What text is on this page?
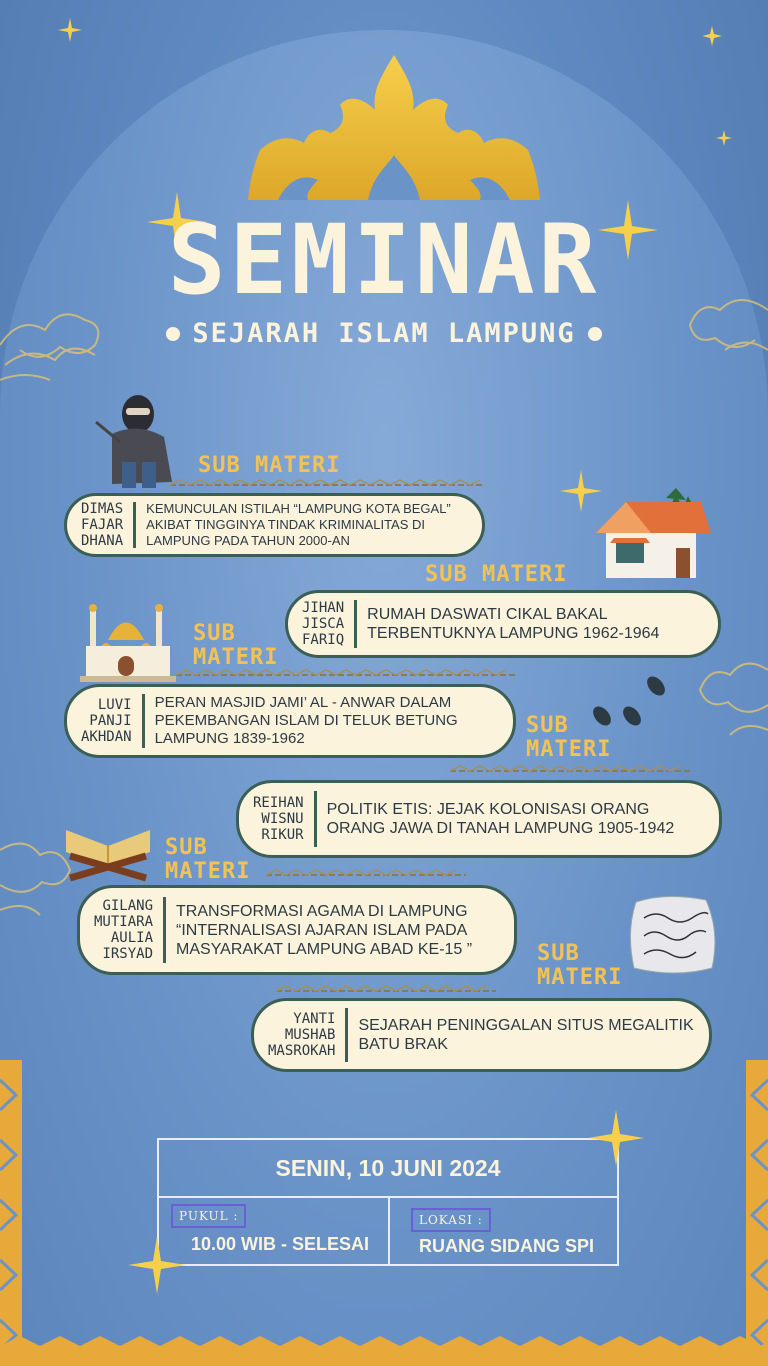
SEMINAR
SEJARAH ISLAM LAMPUNG
SUB MATERI
DIMAS
FAJAR
DHANA
KEMUNCULAN ISTILAH “LAMPUNG KOTA BEGAL” AKIBAT TINGGINYA TINDAK KRIMINALITAS DI LAMPUNG PADA TAHUN 2000-AN
SUB MATERI
JIHAN
JISCA
FARIQ
RUMAH DASWATI CIKAL BAKAL TERBENTUKNYA LAMPUNG 1962-1964
SUB
MATERI
LUVI
PANJI
AKHDAN
PERAN MASJID JAMI’ AL - ANWAR DALAM PEKEMBANGAN ISLAM DI TELUK BETUNG LAMPUNG 1839-1962
SUB
MATERI
REIHAN
WISNU
RIKUR
POLITIK ETIS: JEJAK KOLONISASI ORANG ORANG JAWA DI TANAH LAMPUNG 1905-1942
SUB
MATERI
GILANG
MUTIARA
AULIA
IRSYAD
TRANSFORMASI AGAMA DI LAMPUNG “INTERNALISASI AJARAN ISLAM PADA MASYARAKAT LAMPUNG ABAD KE-15 ”	SUB
MATERI
YANTI
MUSHAB
MASROKAH
SEJARAH PENINGGALAN SITUS MEGALITIK BATU BRAK
SENIN, 10 JUNI 2024
PUKUL :
10.00 WIB - SELESAI
LOKASI :
RUANG SIDANG SPI
